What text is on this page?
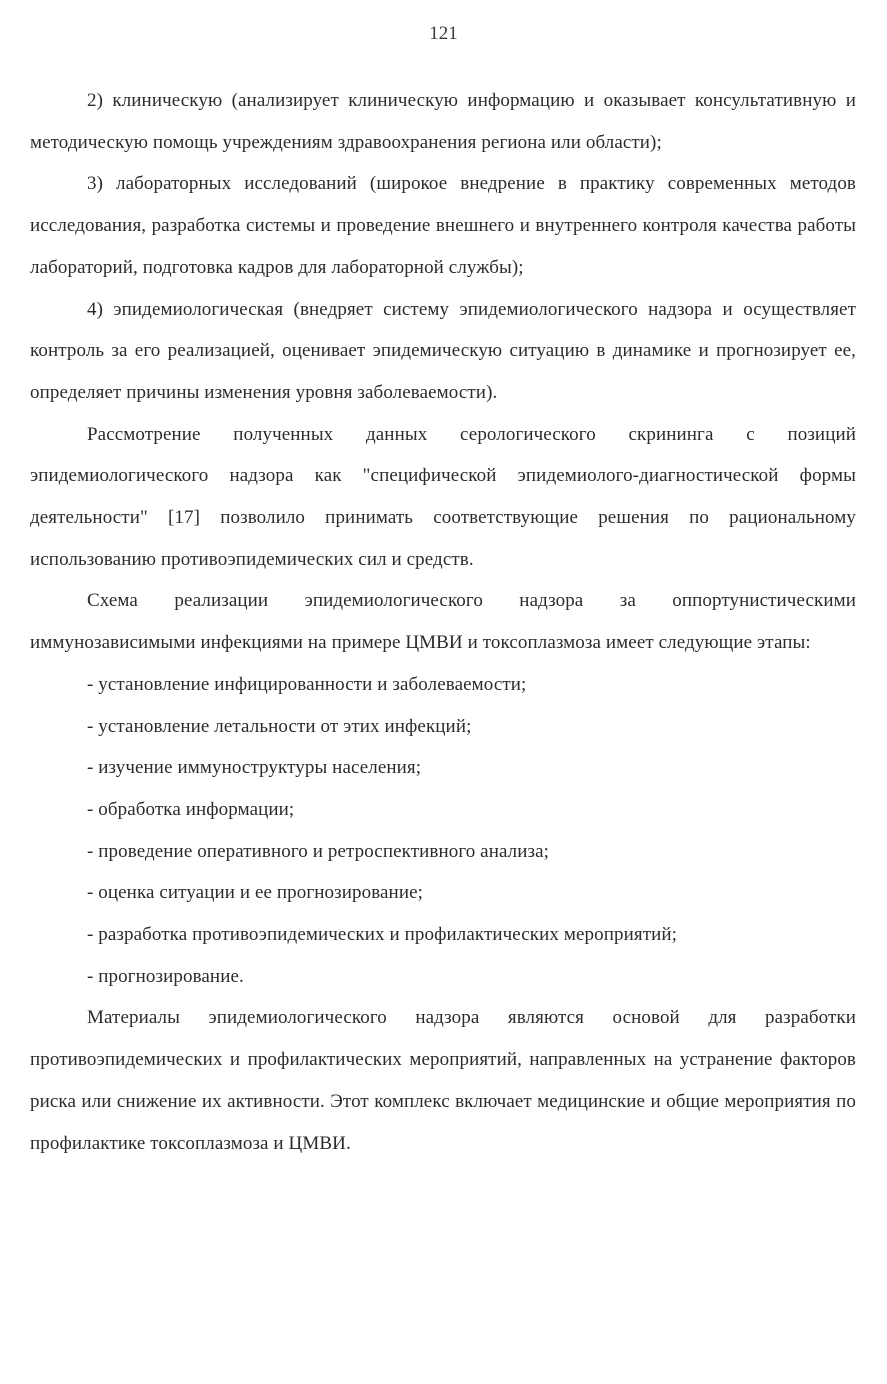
121

2) клиническую (анализирует клиническую информацию и оказывает консультативную и методическую помощь учреждениям здравоохранения региона или области);

3) лабораторных исследований (широкое внедрение в практику современных методов исследования, разработка системы и проведение внешнего и внутреннего контроля качества работы лабораторий, подготовка кадров для лабораторной службы);

4) эпидемиологическая (внедряет систему эпидемиологического надзора и осуществляет контроль за его реализацией, оценивает эпидемическую ситуацию в динамике и прогнозирует ее, определяет причины изменения уровня заболеваемости).

Рассмотрение полученных данных серологического скрининга с позиций эпидемиологического надзора как "специфической эпидемиолого-диагностической формы деятельности" [17] позволило принимать соответствующие решения по рациональному использованию противоэпидемических сил и средств.

Схема реализации эпидемиологического надзора за оппортунистическими иммунозависимыми инфекциями на примере ЦМВИ и токсоплазмоза имеет следующие этапы:

- установление инфицированности и заболеваемости;

- установление летальности от этих инфекций;

- изучение иммуноструктуры населения;

- обработка информации;

- проведение оперативного и ретроспективного анализа;

- оценка ситуации и ее прогнозирование;

- разработка противоэпидемических и профилактических мероприятий;

- прогнозирование.

Материалы эпидемиологического надзора являются основой для разработки противоэпидемических и профилактических мероприятий, направленных на устранение факторов риска или снижение их активности. Этот комплекс включает медицинские и общие мероприятия по профилактике токсоплазмоза и ЦМВИ.
